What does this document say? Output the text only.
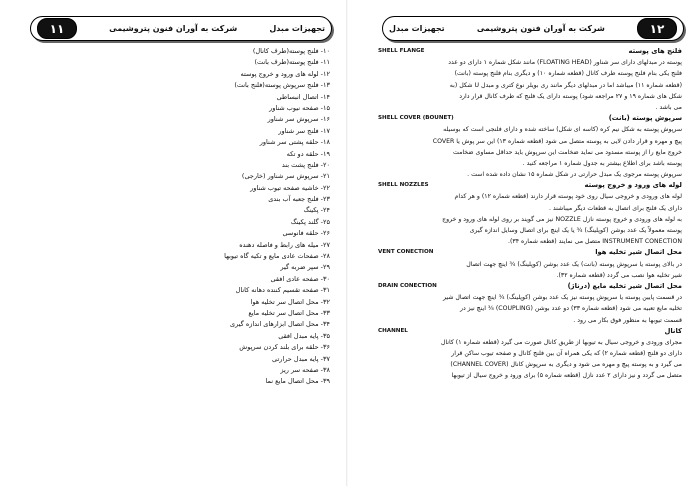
۱۱	شرکت به آوران فنون پتروشیمی	تجهیزات مبدل
۱۰- فلنج پوسته(طرف کانال)
۱۱- فلنج پوسته(طرف بانت)
۱۲- لوله های ورود و خروج پوسته
۱۳- فلنج سرپوش پوسته(فلنج بانت)
۱۴- اتصال انبساطی
۱۵- صفحه نیوب شناور
۱۶- سرپوش سر شناور
۱۷- فلنج سر شناور
۱۸- حلقه پشتی سر شناور
۱۹- حلقه دو تکه
۲۰- فلنج پشت بند
۲۱- سرپوش سر شناور (خارجی)
۲۲- خاشیه صفحه تیوب شناور
۲۳- فلنج جعبه آب بندی
۲۴- پکینگ
۲۵- گلند پکینگ
۲۶- حلقه فانوسی
۲۷- میله های رابط و فاصله دهنده
۲۸- صفحات عادی مایع و تکیه گاه تیوبها
۲۹- سپر ضربه گیر
۳۰- صفحه عادی افقی
۳۱- صفحه تقسیم کننده دهانه کانال
۳۲- محل اتصال سر تخلیه هوا
۳۳- محل اتصال سر تخلیه مایع
۳۴- محل اتصال ابزارهای اندازه گیری
۳۵- پایه مبدل افقی
۳۶- حلقه برای بلند کردن سرپوش
۳۷- پایه مبدل حرارتی
۳۸- صفحه سر ریز
۳۹- محل اتصال مایع نما
تجهیزات مبدل	شرکت به آوران فنون پتروشیمی	۱۲
فلنج های پوسته
SHELL FLANGE
پوسته در مبدلهای دارای سر شناور (FLOATING HEAD) مانند شکل شماره ۱ دارای دو عدد
فلنج یکی بنام فلنج پوسته طرف کانال (قطعه شماره ۱۰) و دیگری بنام فلنج پوسته (بانت)
(قطعه شماره ۱۱) میباشد اما در مبدلهای دیگر مانند ری بویلر نوع کتری و مبدل U شکل (به
شکل های شماره ۱۹ و ۲۷ مراجعه شود) پوسته دارای یک فلنج که طرف کانال قرار دارد
می باشد .
سرپوش پوسته (بانت)
SHELL COVER (BOUNET)
سرپوش پوسته به شکل نیم کره (کاسه ای شکل) ساخته شده و دارای فلنجی است که بوسیله
پیچ و مهره و قرار دادن لایی به پوسته متصل می شود (قطعه شماره ۱۳) این سر پوش یا COVER
خروج مایع را از پوسته مسدود می نماید ضخامت این سرپوش باید حداقل مساوی ضخامت
پوسته باشد برای اطلاع بیشتر به جدول شماره ۱ مراجعه کنید .
سرپوش پوسته مرجوی یک مبدل حرارتی در شکل شماره ۱۵ نشان داده شده است .
لوله های ورود و خروج پوسته
SHELL NOZZLES
لوله های ورودی و خروجی سیال روی خود پوسته قرار دارند (قطعه شماره ۱۲) و هر کدام
دارای یک فلنج برای اتصال به قطعات دیگر میباشند .
به لوله های ورودی و خروج پوسته نازل NOZZLE نیز می گویند بر روی لوله های ورود و خروج
پوسته معمولاً یک عدد بوشن (کوپلینگ) ¾ یا یک اینچ برای اتصال وسایل اندازه گیری
INSTRUMENT CONECTION متصل می نمایند (قطعه شماره ۳۴).
محل اتصال شیر تخلیه هوا
VENT CONECTION
در بالای پوسته یا سرپوش پوسته (بانت) یک عدد بوشن (کوپلینگ) ¾ اینچ جهت اتصال
شیر تخلیه هوا نصب می گردد (قطعه شماره ۳۲).
محل اتصال شیر تخلیه مایع (درناژ)
DRAIN CONECTION
در قسمت پایین پوسته یا سرپوش پوسته نیز یک عدد بوشن (کوپلینگ) ¾ اینچ جهت اتصال شیر
تخلیه مایع تعبیه می شود (قطعه شماره ۳۳) دو عدد بوشن (COUPLING) ¾ اینچ نیز در
قسمت تیوبها به منظور فوق بکار می رود .
کانال
CHANNEL
مجرای ورودی و خروجی سیال به تیوبها از طریق کانال صورت می گیرد (قطعه شماره ۱) کانال
دارای دو فلنج (قطعه شماره ۲) که یکی همراه آن بین فلنج کانال و صفحه تیوب ساکن قرار
می گیرد و به پوسته پیچ و مهره می شود و دیگری به سرپوش کانال (CHANNEL COVER)
متصل می گردد و نیز دارای ۲ عدد نازل (قطعه شماره ۵) برای ورود و خروج سیال از تیوبها
